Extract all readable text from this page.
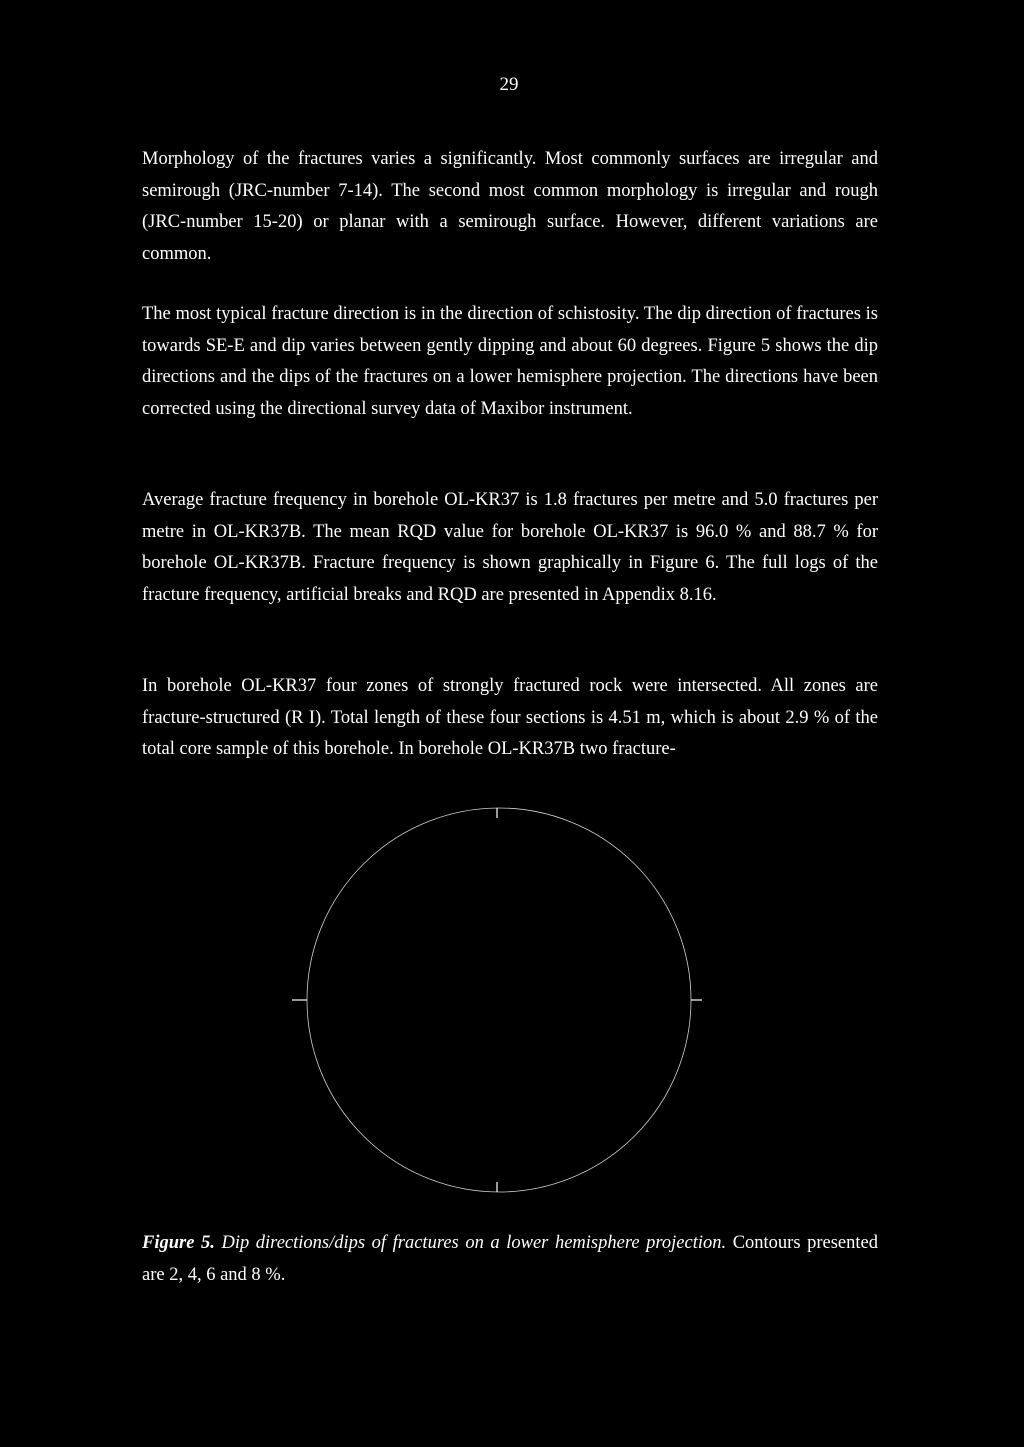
29

Morphology of the fractures varies a significantly. Most commonly surfaces are irregular and semirough (JRC-number 7-14). The second most common morphology is irregular and rough (JRC-number 15-20) or planar with a semirough surface. However, different variations are common.

The most typical fracture direction is in the direction of schistosity. The dip direction of fractures is towards SE-E and dip varies between gently dipping and about 60 degrees. Figure 5 shows the dip directions and the dips of the fractures on a lower hemisphere projection. The directions have been corrected using the directional survey data of Maxibor instrument.

Average fracture frequency in borehole OL-KR37 is 1.8 fractures per metre and 5.0 fractures per metre in OL-KR37B. The mean RQD value for borehole OL-KR37 is 96.0 % and 88.7 % for borehole OL-KR37B. Fracture frequency is shown graphically in Figure 6. The full logs of the fracture frequency, artificial breaks and RQD are presented in Appendix 8.16.

In borehole OL-KR37 four zones of strongly fractured rock were intersected. All zones are fracture-structured (R I). Total length of these four sections is 4.51 m, which is about 2.9 % of the total core sample of this borehole. In borehole OL-KR37B two fracture-

Figure 5. Dip directions/dips of fractures on a lower hemisphere projection. Contours presented are 2, 4, 6 and 8 %.
